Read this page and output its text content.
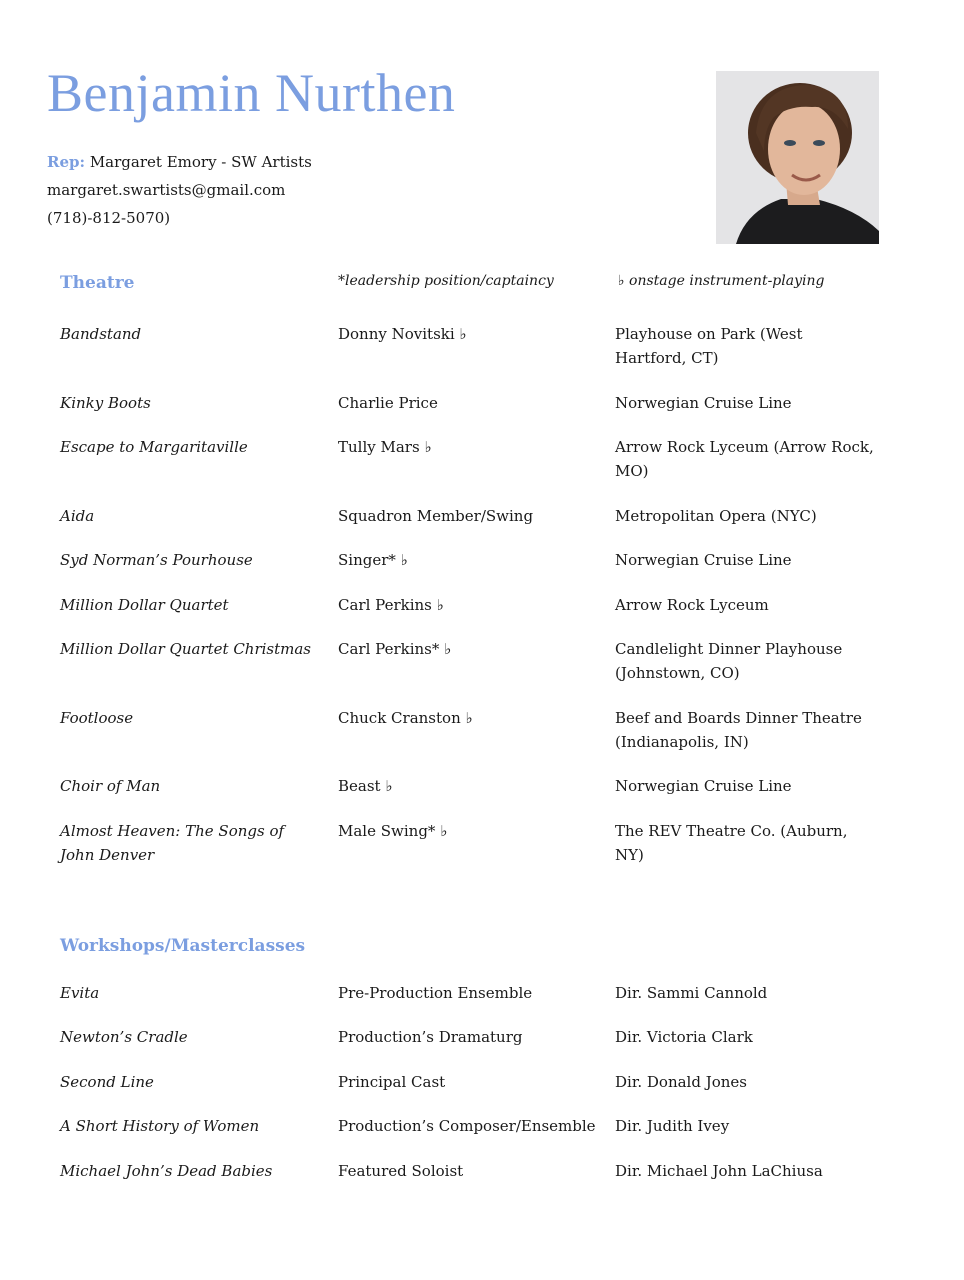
Benjamin Nurthen
Rep: Margaret Emory - SW Artists
margaret.swartists@gmail.com
(718)-812-5070)
Theatre	*leadership position/captaincy	♭ onstage instrument-playing
Bandstand	Donny Novitski ♭	Playhouse on Park (West Hartford, CT)
Kinky Boots	Charlie Price	Norwegian Cruise Line
Escape to Margaritaville	Tully Mars ♭	Arrow Rock Lyceum (Arrow Rock, MO)
Aida	Squadron Member/Swing	Metropolitan Opera (NYC)
Syd Norman’s Pourhouse	Singer* ♭	Norwegian Cruise Line
Million Dollar Quartet	Carl Perkins ♭	Arrow Rock Lyceum
Million Dollar Quartet Christmas	Carl Perkins* ♭	Candlelight Dinner Playhouse (Johnstown, CO)
Footloose	Chuck Cranston ♭	Beef and Boards Dinner Theatre (Indianapolis, IN)
Choir of Man	Beast ♭	Norwegian Cruise Line
Almost Heaven: The Songs of John Denver	Male Swing* ♭	The REV Theatre Co. (Auburn, NY)
Workshops/Masterclasses
Evita	Pre-Production Ensemble	Dir. Sammi Cannold
Newton’s Cradle	Production’s Dramaturg	Dir. Victoria Clark
Second Line	Principal Cast	Dir. Donald Jones
A Short History of Women	Production’s Composer/Ensemble	Dir. Judith Ivey
Michael John’s Dead Babies	Featured Soloist	Dir. Michael John LaChiusa
